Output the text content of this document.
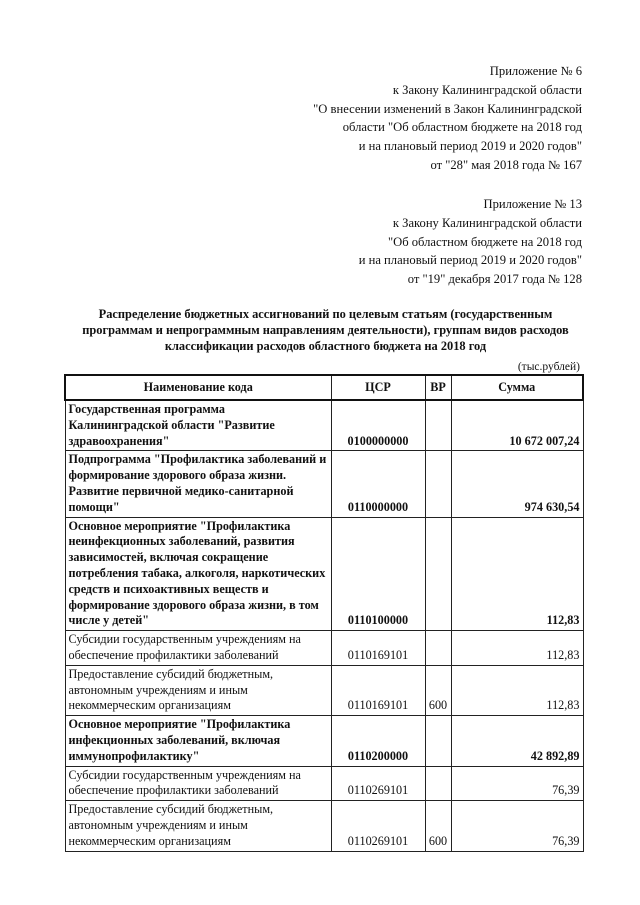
Приложение № 6
к Закону Калининградской области
"О внесении изменений в Закон Калининградской
области "Об областном бюджете на 2018 год
и на плановый период 2019 и 2020 годов"
от "28" мая 2018 года № 167
Приложение № 13
к Закону Калининградской области
"Об областном бюджете на 2018 год
и на плановый период 2019 и 2020 годов"
от "19" декабря 2017 года № 128
Распределение бюджетных ассигнований по целевым статьям (государственным программам и непрограммным направлениям деятельности), группам видов расходов классификации расходов областного бюджета на 2018 год
(тыс.рублей)
Наименование кода	ЦСР	ВР	Сумма
Государственная программа Калининградской области "Развитие здравоохранения"	0100000000		10 672 007,24
Подпрограмма "Профилактика заболеваний и формирование здорового образа жизни. Развитие первичной медико-санитарной помощи"	0110000000		974 630,54
Основное мероприятие "Профилактика неинфекционных заболеваний, развития зависимостей, включая сокращение потребления табака, алкоголя, наркотических средств и психоактивных веществ и формирование здорового образа жизни, в том числе у детей"	0110100000		112,83
Субсидии государственным учреждениям на обеспечение профилактики заболеваний	0110169101		112,83
Предоставление субсидий бюджетным, автономным учреждениям и иным некоммерческим организациям	0110169101	600	112,83
Основное мероприятие "Профилактика инфекционных заболеваний, включая иммунопрофилактику"	0110200000		42 892,89
Субсидии государственным учреждениям на обеспечение профилактики заболеваний	0110269101		76,39
Предоставление субсидий бюджетным, автономным учреждениям и иным некоммерческим организациям	0110269101	600	76,39
